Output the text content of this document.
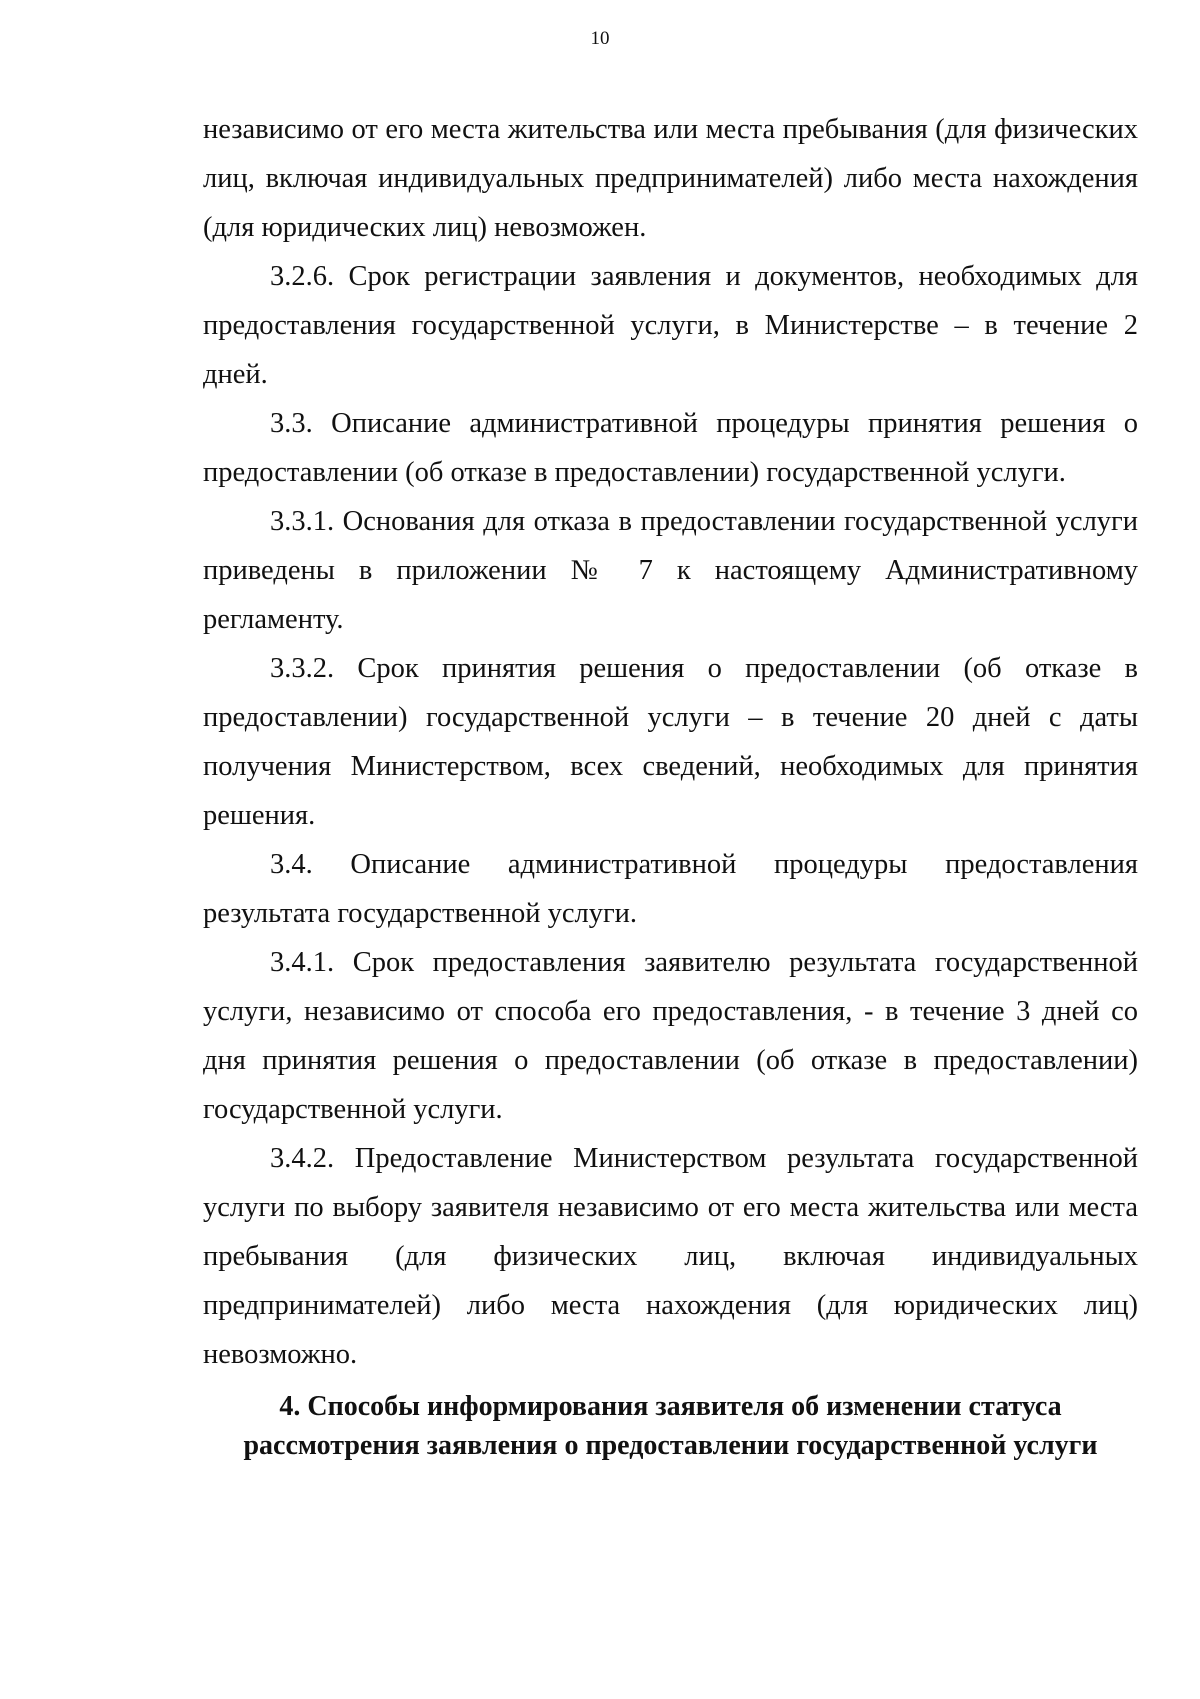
10

независимо от его места жительства или места пребывания (для физических лиц, включая индивидуальных предпринимателей) либо места нахождения (для юридических лиц) невозможен.

3.2.6. Срок регистрации заявления и документов, необходимых для предоставления государственной услуги, в Министерстве – в течение 2 дней.

3.3. Описание административной процедуры принятия решения о предоставлении (об отказе в предоставлении) государственной услуги.

3.3.1. Основания для отказа в предоставлении государственной услуги приведены в приложении № 7 к настоящему Административному регламенту.

3.3.2. Срок принятия решения о предоставлении (об отказе в предоставлении) государственной услуги – в течение 20 дней с даты получения Министерством, всех сведений, необходимых для принятия решения.

3.4. Описание административной процедуры предоставления результата государственной услуги.

3.4.1. Срок предоставления заявителю результата государственной услуги, независимо от способа его предоставления, - в течение 3 дней со дня принятия решения о предоставлении (об отказе в предоставлении) государственной услуги.

3.4.2. Предоставление Министерством результата государственной услуги по выбору заявителя независимо от его места жительства или места пребывания (для физических лиц, включая индивидуальных предпринимателей) либо места нахождения (для юридических лиц) невозможно.

4. Способы информирования заявителя об изменении статуса
рассмотрения заявления о предоставлении государственной услуги
